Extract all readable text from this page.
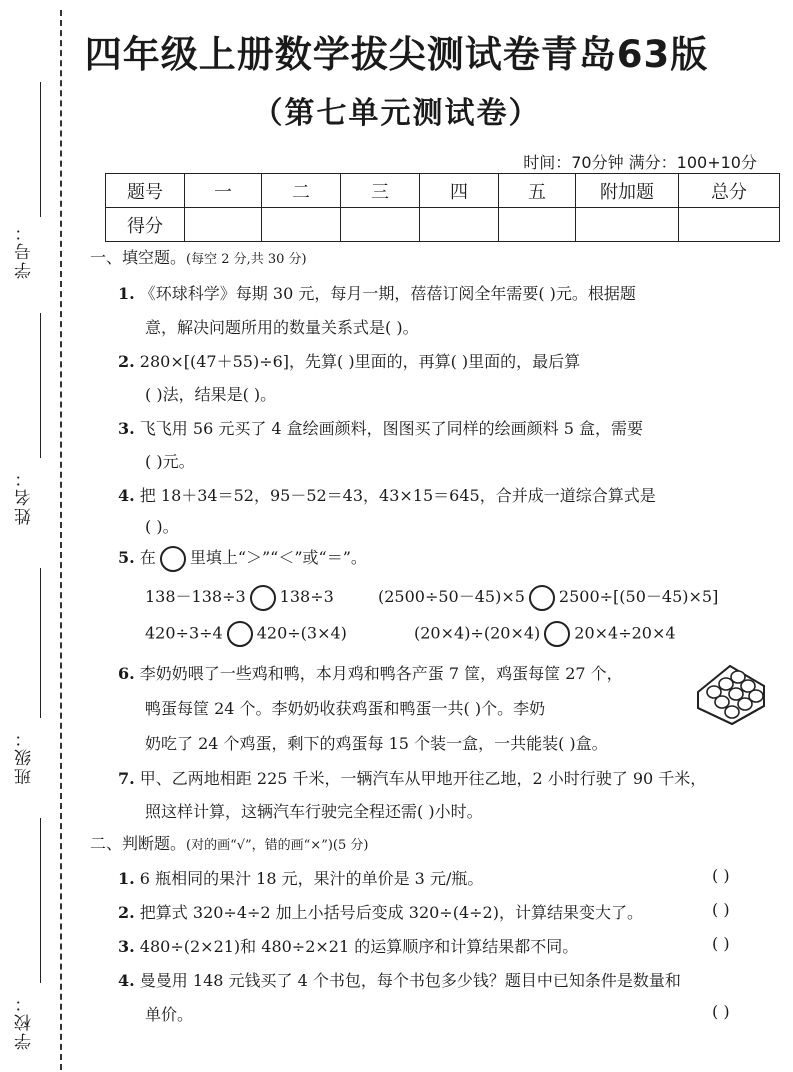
学号：
姓名：
班级：
学校：
四年级上册数学拔尖测试卷青岛63版
（第七单元测试卷）
时间：70分钟 满分：100+10分
题号	一	二	三	四	五	附加题	总分
得分							
一、填空题。(每空 2 分,共 30 分)
1. 《环球科学》每期 30 元，每月一期，蓓蓓订阅全年需要( )元。根据题
意，解决问题所用的数量关系式是( )。
2. 280×[(47＋55)÷6]，先算( )里面的，再算( )里面的，最后算
( )法，结果是( )。
3. 飞飞用 56 元买了 4 盒绘画颜料，图图买了同样的绘画颜料 5 盒，需要
( )元。
4. 把 18＋34＝52，95－52＝43，43×15＝645，合并成一道综合算式是
( )。
5. 在 里填上“＞”“＜”或“＝”。
138－138÷3 138÷3	(2500÷50－45)×5 2500÷[(50－45)×5]
420÷3÷4 420÷(3×4)	(20×4)÷(20×4) 20×4÷20×4
6. 李奶奶喂了一些鸡和鸭，本月鸡和鸭各产蛋 7 筐，鸡蛋每筐 27 个，
鸭蛋每筐 24 个。李奶奶收获鸡蛋和鸭蛋一共( )个。李奶
奶吃了 24 个鸡蛋，剩下的鸡蛋每 15 个装一盒，一共能装( )盒。
7. 甲、乙两地相距 225 千米，一辆汽车从甲地开往乙地，2 小时行驶了 90 千米，
照这样计算，这辆汽车行驶完全程还需( )小时。
二、判断题。(对的画“√”，错的画“×”)(5 分)
1. 6 瓶相同的果汁 18 元，果汁的单价是 3 元/瓶。	( )
2. 把算式 320÷4÷2 加上小括号后变成 320÷(4÷2)，计算结果变大了。	( )
3. 480÷(2×21)和 480÷2×21 的运算顺序和计算结果都不同。	( )
4. 曼曼用 148 元钱买了 4 个书包，每个书包多少钱？题目中已知条件是数量和
单价。	( )
